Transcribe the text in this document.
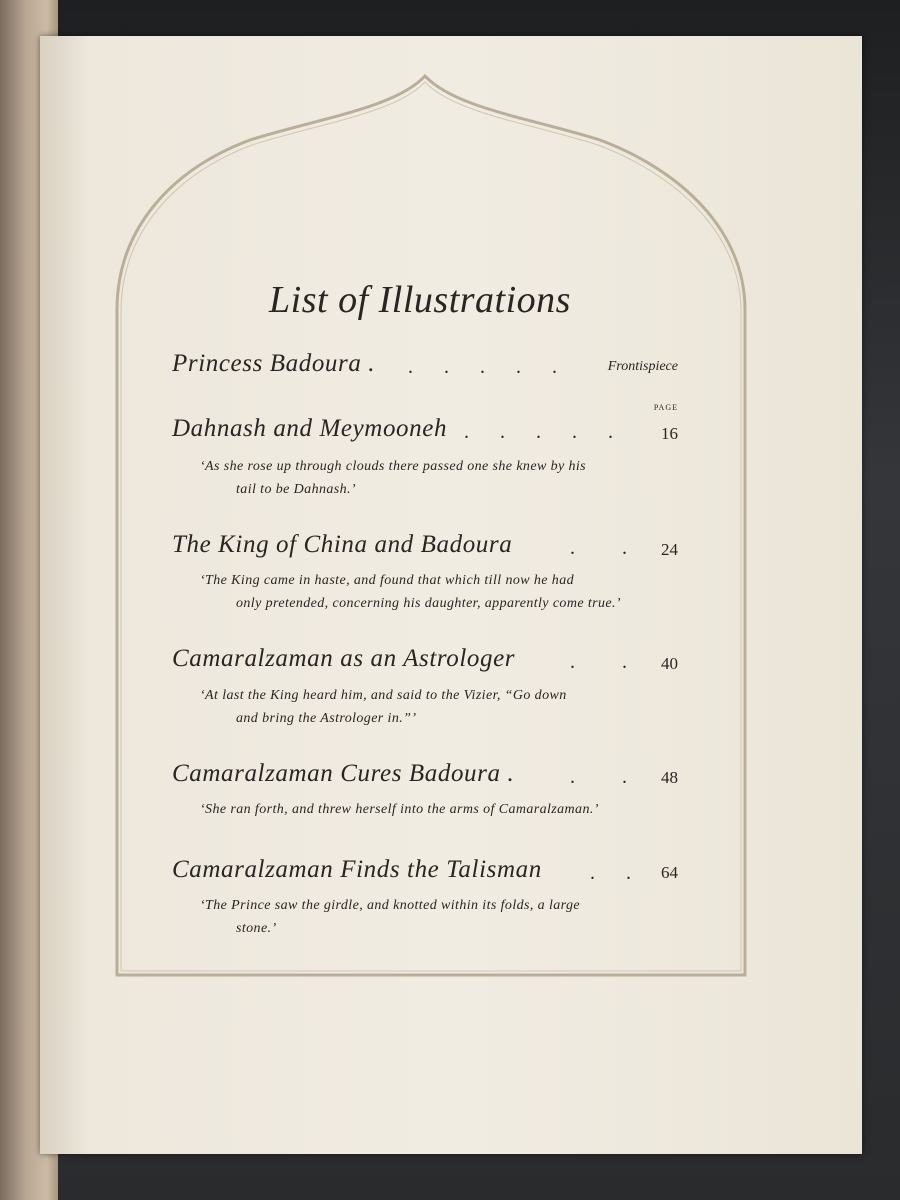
List of Illustrations
Princess Badoura . . . . . .	Frontispiece
PAGE
Dahnash and Meymooneh . . . . .	16
‘As she rose up through clouds there passed one she knew by his
tail to be Dahnash.’
The King of China and Badoura	. .	24
‘The King came in haste, and found that which till now he had
only pretended, concerning his daughter, apparently come true.’
Camaralzaman as an Astrologer	. .	40
‘At last the King heard him, and said to the Vizier, “Go down
and bring the Astrologer in.”’
Camaralzaman Cures Badoura .	. .	48
‘She ran forth, and threw herself into the arms of Camaralzaman.’
Camaralzaman Finds the Talisman . .	64
‘The Prince saw the girdle, and knotted within its folds, a large
stone.’
